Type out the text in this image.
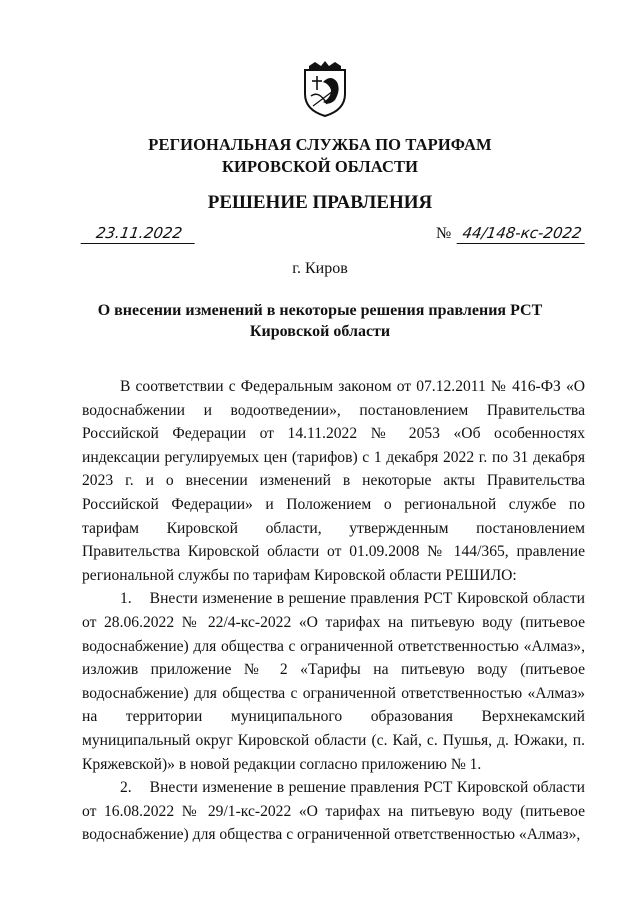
РЕГИОНАЛЬНАЯ СЛУЖБА ПО ТАРИФАМ
КИРОВСКОЙ ОБЛАСТИ
РЕШЕНИЕ ПРАВЛЕНИЯ
23.11.2022	№ 44/148-кс-2022
г. Киров
О внесении изменений в некоторые решения правления РСТ Кировской области

В соответствии с Федеральным законом от 07.12.2011 № 416-ФЗ «О водоснабжении и водоотведении», постановлением Правительства Российской Федерации от 14.11.2022 № 2053 «Об особенностях индексации регулируемых цен (тарифов) с 1 декабря 2022 г. по 31 декабря 2023 г. и о внесении изменений в некоторые акты Правительства Российской Федерации» и Положением о региональной службе по тарифам Кировской области, утвержденным постановлением Правительства Кировской области от 01.09.2008 № 144/365, правление региональной службы по тарифам Кировской области РЕШИЛО:

1.    Внести изменение в решение правления РСТ Кировской области от 28.06.2022 № 22/4-кс-2022 «О тарифах на питьевую воду (питьевое водоснабжение) для общества с ограниченной ответственностью «Алмаз», изложив приложение № 2 «Тарифы на питьевую воду (питьевое водоснабжение) для общества с ограниченной ответственностью «Алмаз» на территории муниципального образования Верхнекамский муниципальный округ Кировской области (с. Кай, с. Пушья, д. Южаки, п. Кряжевской)» в новой редакции согласно приложению № 1.

2.    Внести изменение в решение правления РСТ Кировской области от 16.08.2022 № 29/1-кс-2022 «О тарифах на питьевую воду (питьевое водоснабжение) для общества с ограниченной ответственностью «Алмаз»,
